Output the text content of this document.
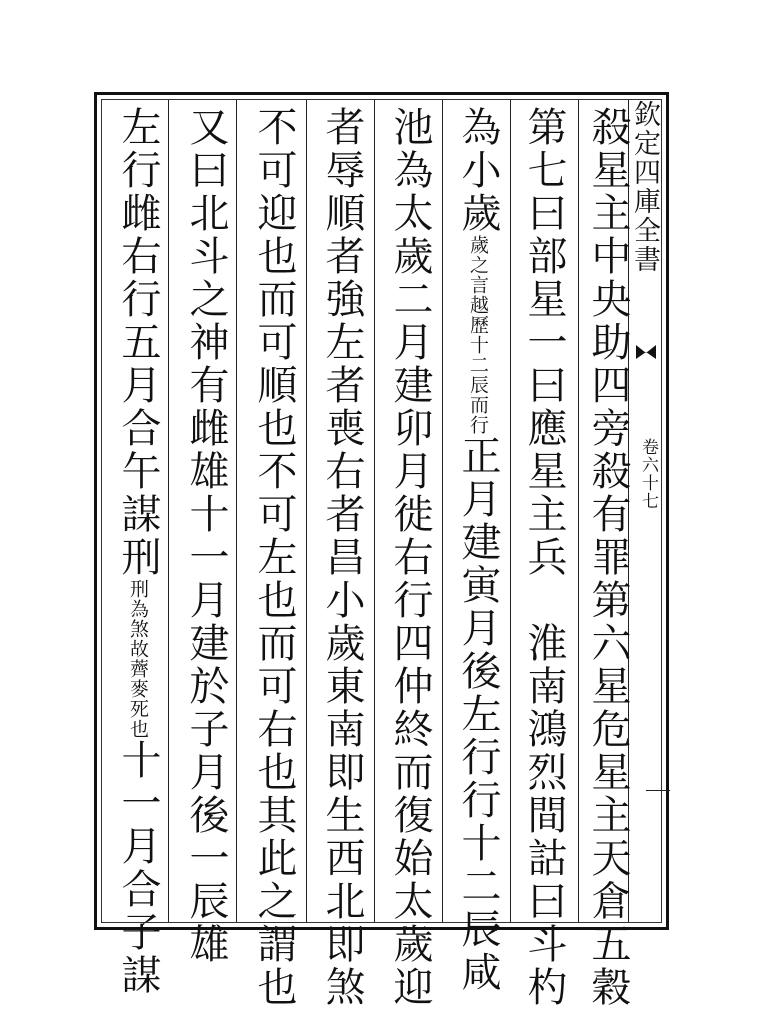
欽定四庫全書
卷六十七
殺星主中央助四旁殺有罪第六星危星主天倉五穀
第七曰部星一曰應星主兵　淮南鴻烈間詁曰斗杓
為小歲歲之言越歷十二辰而行正月建寅月後左行行十二辰咸
池為太歲二月建卯月徙右行四仲終而復始太歲迎
者辱順者強左者喪右者昌小歲東南即生西北即煞
不可迎也而可順也不可左也而可右也其此之謂也
又曰北斗之神有雌雄十一月建於子月後一辰雄
左行雌右行五月合午謀刑刑為煞故薺麥死也十一月合子謀
